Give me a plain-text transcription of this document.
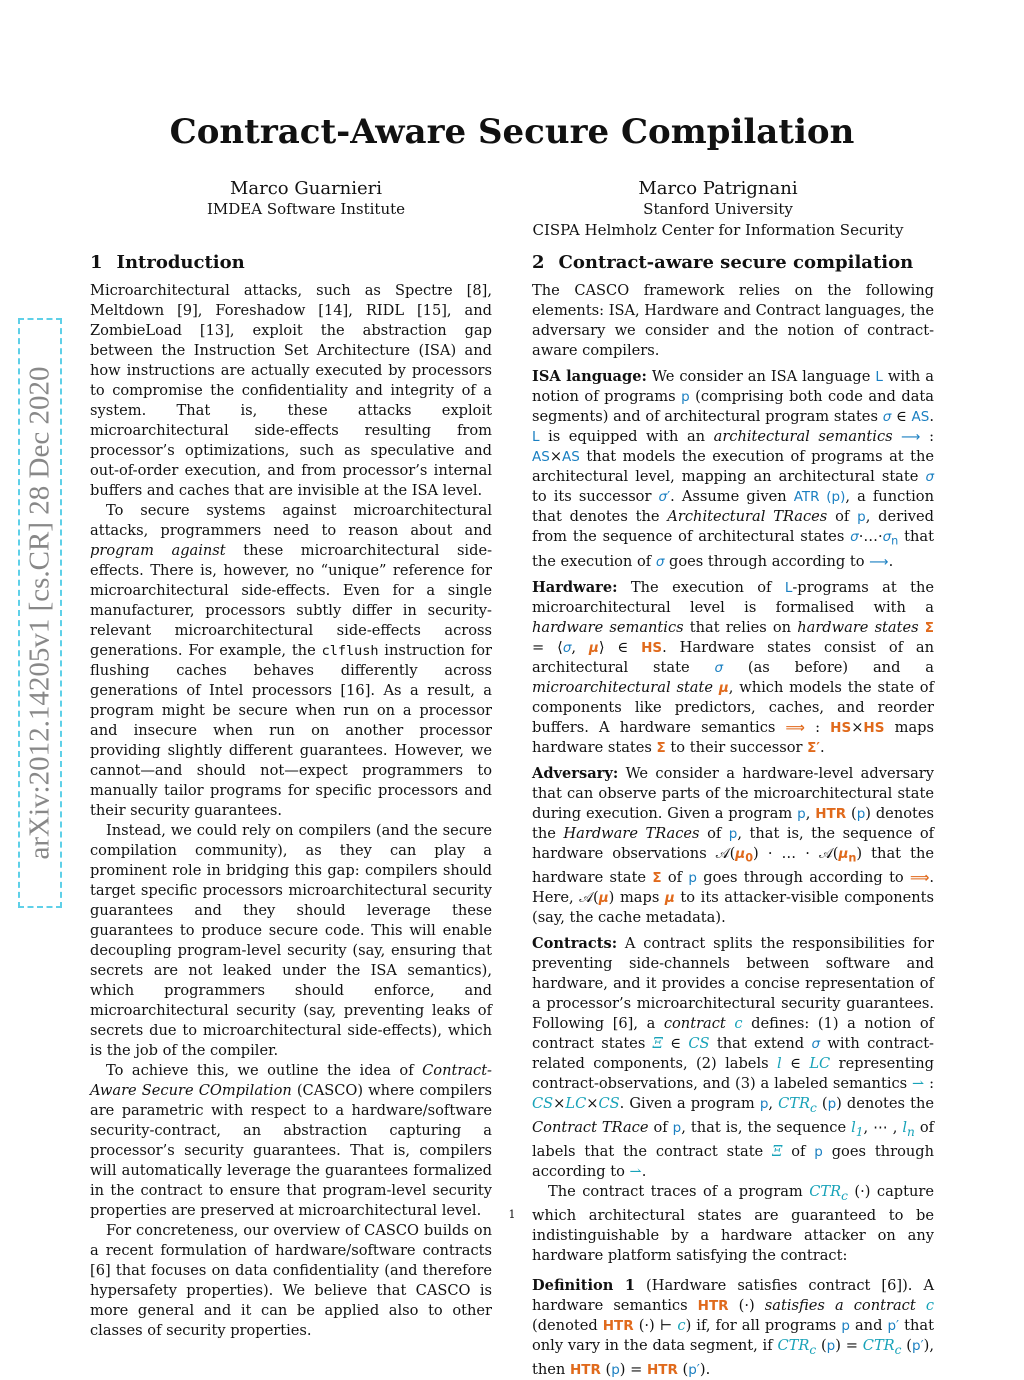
Contract-Aware Secure Compilation
Marco Guarnieri
IMDEA Software Institute
Marco Patrignani
Stanford University
CISPA Helmholz Center for Information Security
arXiv:2012.14205v1 [cs.CR] 28 Dec 2020
1 Introduction

Microarchitectural attacks, such as Spectre [8], Meltdown [9], Foreshadow [14], RIDL [15], and ZombieLoad [13], exploit the abstraction gap between the Instruction Set Architecture (ISA) and how instructions are actually executed by processors to compromise the confidentiality and integrity of a system. That is, these attacks exploit microarchitectural side-effects resulting from processor’s optimizations, such as speculative and out-of-order execution, and from processor’s internal buffers and caches that are invisible at the ISA level.

To secure systems against microarchitectural attacks, programmers need to reason about and program against these microarchitectural side-effects. There is, however, no “unique” reference for microarchitectural side-effects. Even for a single manufacturer, processors subtly differ in security-relevant microarchitectural side-effects across generations. For example, the clflush instruction for flushing caches behaves differently across generations of Intel processors [16]. As a result, a program might be secure when run on a processor and insecure when run on another processor providing slightly different guarantees. However, we cannot—and should not—expect programmers to manually tailor programs for specific processors and their security guarantees.

Instead, we could rely on compilers (and the secure compilation community), as they can play a prominent role in bridging this gap: compilers should target specific processors microarchitectural security guarantees and they should leverage these guarantees to produce secure code. This will enable decoupling program-level security (say, ensuring that secrets are not leaked under the ISA semantics), which programmers should enforce, and microarchitectural security (say, preventing leaks of secrets due to microarchitectural side-effects), which is the job of the compiler.

To achieve this, we outline the idea of Contract-Aware Secure COmpilation (CASCO) where compilers are parametric with respect to a hardware/software security-contract, an abstraction capturing a processor’s security guarantees. That is, compilers will automatically leverage the guarantees formalized in the contract to ensure that program-level security properties are preserved at microarchitectural level.

For concreteness, our overview of CASCO builds on a recent formulation of hardware/software contracts [6] that focuses on data confidentiality (and therefore hypersafety properties). We believe that CASCO is more general and it can be applied also to other classes of security properties.

2 Contract-aware secure compilation

The CASCO framework relies on the following elements: ISA, Hardware and Contract languages, the adversary we consider and the notion of contract-aware compilers.

ISA language: We consider an ISA language L with a notion of programs p (comprising both code and data segments) and of architectural program states σ ∈ AS. L is equipped with an architectural semantics ⟶ : AS×AS that models the execution of programs at the architectural level, mapping an architectural state σ to its successor σ′. Assume given ATR (p), a function that denotes the Architectural TRaces of p, derived from the sequence of architectural states $\sigma\cdot\dots\cdot\sigma_n$ that the execution of σ goes through according to ⟶.

Hardware: The execution of L-programs at the microarchitectural level is formalised with a hardware semantics that relies on hardware states Σ = ⟨σ, μ⟩ ∈ HS. Hardware states consist of an architectural state σ (as before) and a microarchitectural state μ, which models the state of components like predictors, caches, and reorder buffers. A hardware semantics ⟹ : HS×HS maps hardware states Σ to their successor Σ′.

Adversary: We consider a hardware-level adversary that can observe parts of the microarchitectural state during execution. Given a program p, HTR (p) denotes the Hardware TRaces of p, that is, the sequence of hardware observations $𝒜(\mu_0)$ · … · $𝒜(\mu_n)$ that the hardware state Σ of p goes through according to ⟹. Here, 𝒜(μ) maps μ to its attacker-visible components (say, the cache metadata).

Contracts: A contract splits the responsibilities for preventing side-channels between software and hardware, and it provides a concise representation of a processor’s microarchitectural security guarantees. Following [6], a contract c defines: (1) a notion of contract states Ξ ∈ CS that extend σ with contract-related components, (2) labels l ∈ LC representing contract-observations, and (3) a labeled semantics ⇀ : CS×LC×CS. Given a program p, $CTR_c$ (p) denotes the Contract TRace of p, that is, the sequence $l_1$, ⋯ , $l_n$ of labels that the contract state Ξ of p goes through according to ⇀.

The contract traces of a program $CTR_c$ (·) capture which architectural states are guaranteed to be indistinguishable by a hardware attacker on any hardware platform satisfying the contract:

Definition 1 (Hardware satisfies contract [6]). A hardware semantics HTR (·) satisfies a contract c (denoted HTR (·) ⊢ c) if, for all programs p and p′ that only vary in the data segment, if $CTR_c$ $(p) = CTR_c$ (p′), then HTR (p) = HTR (p′).

1
